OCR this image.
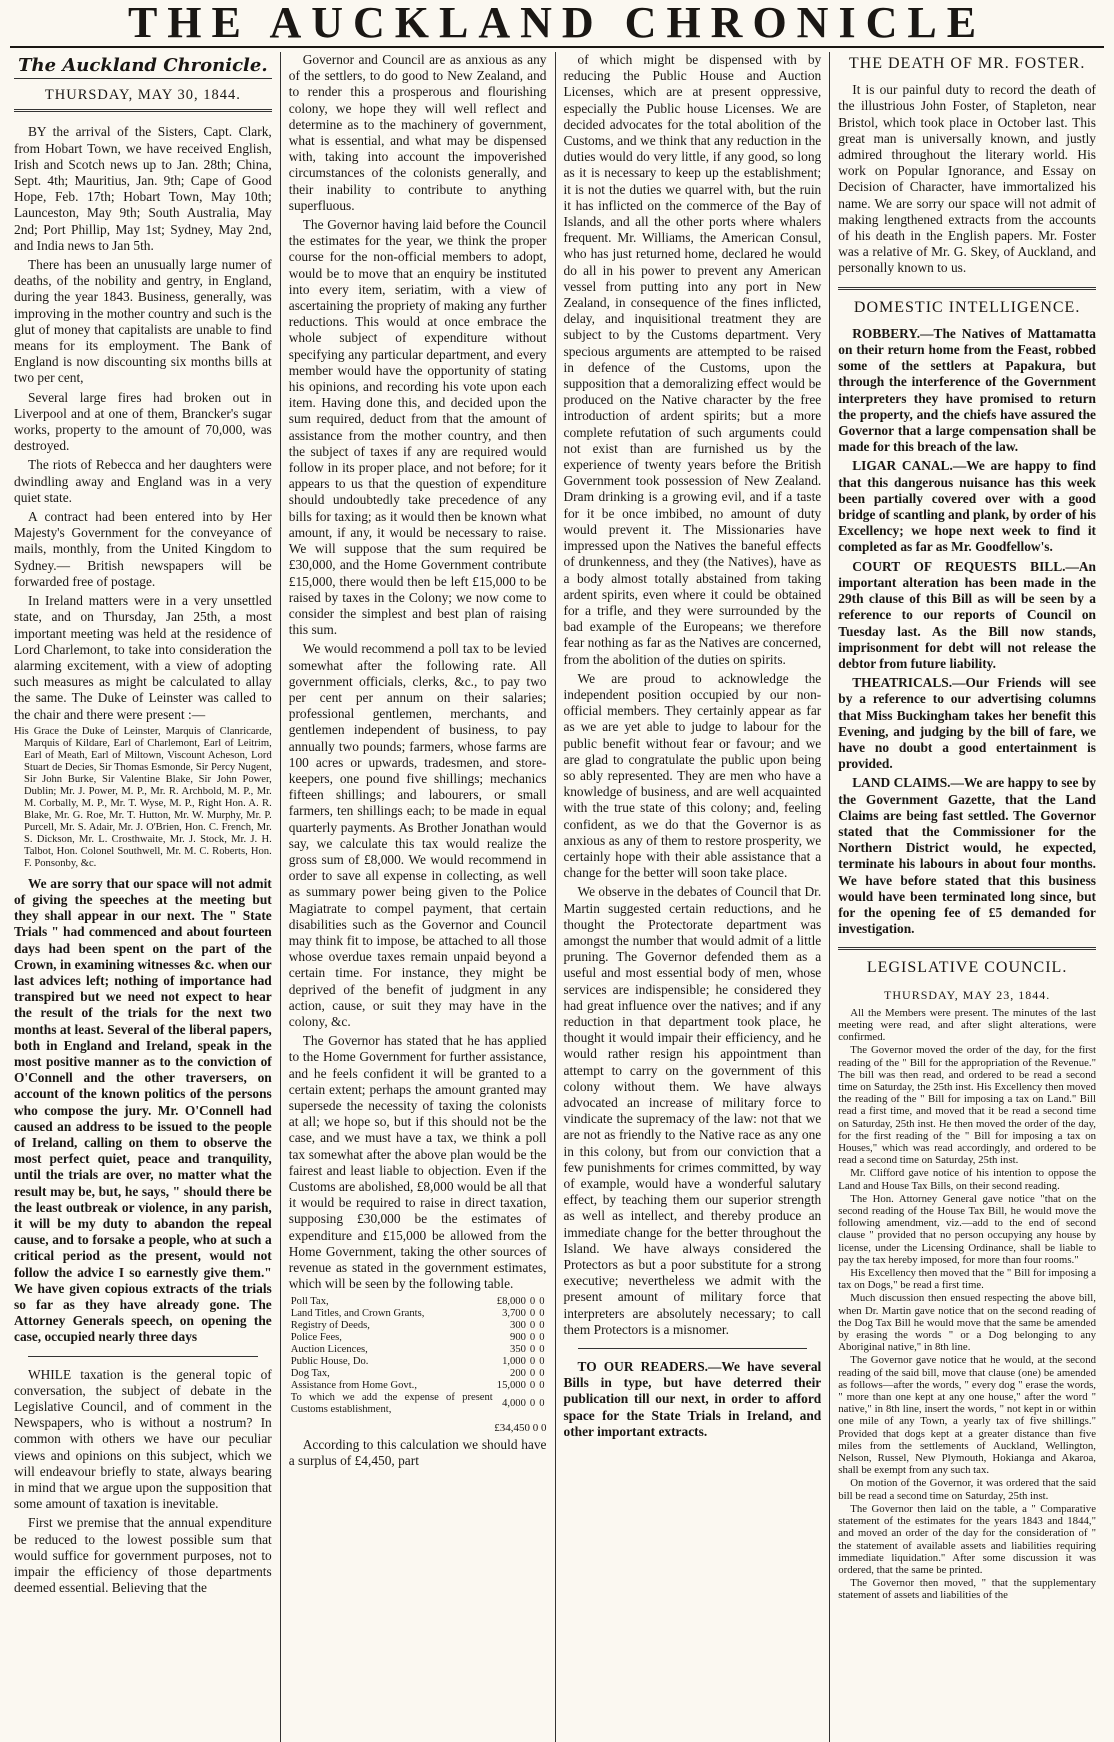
THE AUCKLAND CHRONICLE

The Auckland Chronicle.

THURSDAY, MAY 30, 1844.

BY the arrival of the Sisters, Capt. Clark, from Hobart Town, we have received English, Irish and Scotch news up to Jan. 28th; China, Sept. 4th; Mauritius, Jan. 9th; Cape of Good Hope, Feb. 17th; Hobart Town, May 10th; Launceston, May 9th; South Australia, May 2nd; Port Phillip, May 1st; Sydney, May 2nd, and India news to Jan 5th.

There has been an unusually large numer of deaths, of the nobility and gentry, in England, during the year 1843. Business, generally, was improving in the mother country and such is the glut of money that capitalists are unable to find means for its employment. The Bank of England is now discounting six months bills at two per cent,

Several large fires had broken out in Liverpool and at one of them, Brancker's sugar works, property to the amount of 70,000, was destroyed.

The riots of Rebecca and her daughters were dwindling away and England was in a very quiet state.

A contract had been entered into by Her Majesty's Government for the conveyance of mails, monthly, from the United Kingdom to Sydney.— British newspapers will be forwarded free of postage.

In Ireland matters were in a very unsettled state, and on Thursday, Jan 25th, a most important meeting was held at the residence of Lord Charlemont, to take into consideration the alarming excitement, with a view of adopting such measures as might be calculated to allay the same. The Duke of Leinster was called to the chair and there were present :—

His Grace the Duke of Leinster, Marquis of Clanricarde, Marquis of Kildare, Earl of Charlemont, Earl of Leitrim, Earl of Meath, Earl of Miltown, Viscount Acheson, Lord Stuart de Decies, Sir Thomas Esmonde, Sir Percy Nugent, Sir John Burke, Sir Valentine Blake, Sir John Power, Dublin; Mr. J. Power, M. P., Mr. R. Archbold, M. P., Mr. M. Corbally, M. P., Mr. T. Wyse, M. P., Right Hon. A. R. Blake, Mr. G. Roe, Mr. T. Hutton, Mr. W. Murphy, Mr. P. Purcell, Mr. S. Adair, Mr. J. O'Brien, Hon. C. French, Mr. S. Dickson, Mr. L. Crosthwaite, Mr. J. Stock, Mr. J. H. Talbot, Hon. Colonel Southwell, Mr. M. C. Roberts, Hon. F. Ponsonby, &c.

We are sorry that our space will not admit of giving the speeches at the meeting but they shall appear in our next. The " State Trials " had commenced and about fourteen days had been spent on the part of the Crown, in examining witnesses &c. when our last advices left; nothing of importance had transpired but we need not expect to hear the result of the trials for the next two months at least. Several of the liberal papers, both in England and Ireland, speak in the most positive manner as to the conviction of O'Connell and the other traversers, on account of the known politics of the persons who compose the jury. Mr. O'Connell had caused an address to be issued to the people of Ireland, calling on them to observe the most perfect quiet, peace and tranquility, until the trials are over, no matter what the result may be, but, he says, " should there be the least outbreak or violence, in any parish, it will be my duty to abandon the repeal cause, and to forsake a people, who at such a critical period as the present, would not follow the advice I so earnestly give them." We have given copious extracts of the trials so far as they have already gone. The Attorney Generals speech, on opening the case, occupied nearly three days

WHILE taxation is the general topic of conversation, the subject of debate in the Legislative Council, and of comment in the Newspapers, who is without a nostrum? In common with others we have our peculiar views and opinions on this subject, which we will endeavour briefly to state, always bearing in mind that we argue upon the supposition that some amount of taxation is inevitable.

First we premise that the annual expenditure be reduced to the lowest possible sum that would suffice for government purposes, not to impair the efficiency of those departments deemed essential. Believing that the

Governor and Council are as anxious as any of the settlers, to do good to New Zealand, and to render this a prosperous and flourishing colony, we hope they will well reflect and determine as to the machinery of government, what is essential, and what may be dispensed with, taking into account the impoverished circumstances of the colonists generally, and their inability to contribute to anything superfluous.

The Governor having laid before the Council the estimates for the year, we think the proper course for the non-official members to adopt, would be to move that an enquiry be instituted into every item, seriatim, with a view of ascertaining the propriety of making any further reductions. This would at once embrace the whole subject of expenditure without specifying any particular department, and every member would have the opportunity of stating his opinions, and recording his vote upon each item. Having done this, and decided upon the sum required, deduct from that the amount of assistance from the mother country, and then the subject of taxes if any are required would follow in its proper place, and not before; for it appears to us that the question of expenditure should undoubtedly take precedence of any bills for taxing; as it would then be known what amount, if any, it would be necessary to raise. We will suppose that the sum required be £30,000, and the Home Government contribute £15,000, there would then be left £15,000 to be raised by taxes in the Colony; we now come to consider the simplest and best plan of raising this sum.

We would recommend a poll tax to be levied somewhat after the following rate. All government officials, clerks, &c., to pay two per cent per annum on their salaries; professional gentlemen, merchants, and gentlemen independent of business, to pay annually two pounds; farmers, whose farms are 100 acres or upwards, tradesmen, and store-keepers, one pound five shillings; mechanics fifteen shillings; and labourers, or small farmers, ten shillings each; to be made in equal quarterly payments. As Brother Jonathan would say, we calculate this tax would realize the gross sum of £8,000. We would recommend in order to save all expense in collecting, as well as summary power being given to the Police Magiatrate to compel payment, that certain disabilities such as the Governor and Council may think fit to impose, be attached to all those whose overdue taxes remain unpaid beyond a certain time. For instance, they might be deprived of the benefit of judgment in any action, cause, or suit they may have in the colony, &c.

The Governor has stated that he has applied to the Home Government for further assistance, and he feels confident it will be granted to a certain extent; perhaps the amount granted may supersede the necessity of taxing the colonists at all; we hope so, but if this should not be the case, and we must have a tax, we think a poll tax somewhat after the above plan would be the fairest and least liable to objection. Even if the Customs are abolished, £8,000 would be all that it would be required to raise in direct taxation, supposing £30,000 be the estimates of expenditure and £15,000 be allowed from the Home Government, taking the other sources of revenue as stated in the government estimates, which will be seen by the following table.

Poll Tax,	£8,000	0	0
Land Titles, and Crown Grants,	3,700	0	0
Registry of Deeds,	300	0	0
Police Fees,	900	0	0
Auction Licences,	350	0	0
Public House, Do.	1,000	0	0
Dog Tax,	200	0	0
Assistance from Home Govt.,	15,000	0	0
To which we add the expense of present Customs establishment,	4,000	0	0
£34,450 0 0

According to this calculation we should have a surplus of £4,450, part

of which might be dispensed with by reducing the Public House and Auction Licenses, which are at present oppressive, especially the Public house Licenses. We are decided advocates for the total abolition of the Customs, and we think that any reduction in the duties would do very little, if any good, so long as it is necessary to keep up the establishment; it is not the duties we quarrel with, but the ruin it has inflicted on the commerce of the Bay of Islands, and all the other ports where whalers frequent. Mr. Williams, the American Consul, who has just returned home, declared he would do all in his power to prevent any American vessel from putting into any port in New Zealand, in consequence of the fines inflicted, delay, and inquisitional treatment they are subject to by the Customs department. Very specious arguments are attempted to be raised in defence of the Customs, upon the supposition that a demoralizing effect would be produced on the Native character by the free introduction of ardent spirits; but a more complete refutation of such arguments could not exist than are furnished us by the experience of twenty years before the British Government took possession of New Zealand. Dram drinking is a growing evil, and if a taste for it be once imbibed, no amount of duty would prevent it. The Missionaries have impressed upon the Natives the baneful effects of drunkenness, and they (the Natives), have as a body almost totally abstained from taking ardent spirits, even where it could be obtained for a trifle, and they were surrounded by the bad example of the Europeans; we therefore fear nothing as far as the Natives are concerned, from the abolition of the duties on spirits.

We are proud to acknowledge the independent position occupied by our non-official members. They certainly appear as far as we are yet able to judge to labour for the public benefit without fear or favour; and we are glad to congratulate the public upon being so ably represented. They are men who have a knowledge of business, and are well acquainted with the true state of this colony; and, feeling confident, as we do that the Governor is as anxious as any of them to restore prosperity, we certainly hope with their able assistance that a change for the better will soon take place.

We observe in the debates of Council that Dr. Martin suggested certain reductions, and he thought the Protectorate department was amongst the number that would admit of a little pruning. The Governor defended them as a useful and most essential body of men, whose services are indispensible; he considered they had great influence over the natives; and if any reduction in that department took place, he thought it would impair their efficiency, and he would rather resign his appointment than attempt to carry on the government of this colony without them. We have always advocated an increase of military force to vindicate the supremacy of the law: not that we are not as friendly to the Native race as any one in this colony, but from our conviction that a few punishments for crimes committed, by way of example, would have a wonderful salutary effect, by teaching them our superior strength as well as intellect, and thereby produce an immediate change for the better throughout the Island. We have always considered the Protectors as but a poor substitute for a strong executive; nevertheless we admit with the present amount of military force that interpreters are absolutely necessary; to call them Protectors is a misnomer.

TO OUR READERS.—We have several Bills in type, but have deterred their publication till our next, in order to afford space for the State Trials in Ireland, and other important extracts.

THE DEATH OF MR. FOSTER.

It is our painful duty to record the death of the illustrious John Foster, of Stapleton, near Bristol, which took place in October last. This great man is universally known, and justly admired throughout the literary world. His work on Popular Ignorance, and Essay on Decision of Character, have immortalized his name. We are sorry our space will not admit of making lengthened extracts from the accounts of his death in the English papers. Mr. Foster was a relative of Mr. G. Skey, of Auckland, and personally known to us.

DOMESTIC INTELLIGENCE.

ROBBERY.—The Natives of Mattamatta on their return home from the Feast, robbed some of the settlers at Papakura, but through the interference of the Government interpreters they have promised to return the property, and the chiefs have assured the Governor that a large compensation shall be made for this breach of the law.

LIGAR CANAL.—We are happy to find that this dangerous nuisance has this week been partially covered over with a good bridge of scantling and plank, by order of his Excellency; we hope next week to find it completed as far as Mr. Goodfellow's.

COURT OF REQUESTS BILL.—An important alteration has been made in the 29th clause of this Bill as will be seen by a reference to our reports of Council on Tuesday last. As the Bill now stands, imprisonment for debt will not release the debtor from future liability.

THEATRICALS.—Our Friends will see by a reference to our advertising columns that Miss Buckingham takes her benefit this Evening, and judging by the bill of fare, we have no doubt a good entertainment is provided.

LAND CLAIMS.—We are happy to see by the Government Gazette, that the Land Claims are being fast settled. The Governor stated that the Commissioner for the Northern District would, he expected, terminate his labours in about four months. We have before stated that this business would have been terminated long since, but for the opening fee of £5 demanded for investigation.

LEGISLATIVE COUNCIL.

THURSDAY, MAY 23, 1844.

All the Members were present. The minutes of the last meeting were read, and after slight alterations, were confirmed.

The Governor moved the order of the day, for the first reading of the " Bill for the appropriation of the Revenue." The bill was then read, and ordered to be read a second time on Saturday, the 25th inst. His Excellency then moved the reading of the " Bill for imposing a tax on Land." Bill read a first time, and moved that it be read a second time on Saturday, 25th inst. He then moved the order of the day, for the first reading of the " Bill for imposing a tax on Houses," which was read accordingly, and ordered to be read a second time on Saturday, 25th inst.

Mr. Clifford gave notice of his intention to oppose the Land and House Tax Bills, on their second reading.

The Hon. Attorney General gave notice "that on the second reading of the House Tax Bill, he would move the following amendment, viz.—add to the end of second clause " provided that no person occupying any house by license, under the Licensing Ordinance, shall be liable to pay the tax hereby imposed, for more than four rooms."

His Excellency then moved that the " Bill for imposing a tax on Dogs," be read a first time.

Much discussion then ensued respecting the above bill, when Dr. Martin gave notice that on the second reading of the Dog Tax Bill he would move that the same be amended by erasing the words " or a Dog belonging to any Aboriginal native," in 8th line.

The Governor gave notice that he would, at the second reading of the said bill, move that clause (one) be amended as follows—after the words, " every dog " erase the words, " more than one kept at any one house," after the word " native," in 8th line, insert the words, " not kept in or within one mile of any Town, a yearly tax of five shillings." Provided that dogs kept at a greater distance than five miles from the settlements of Auckland, Wellington, Nelson, Russel, New Plymouth, Hokianga and Akaroa, shall be exempt from any such tax.

On motion of the Governor, it was ordered that the said bill be read a second time on Saturday, 25th inst.

The Governor then laid on the table, a " Comparative statement of the estimates for the years 1843 and 1844," and moved an order of the day for the consideration of " the statement of available assets and liabilities requiring immediate liquidation." After some discussion it was ordered, that the same be printed.

The Governor then moved, " that the supplementary statement of assets and liabilities of the
